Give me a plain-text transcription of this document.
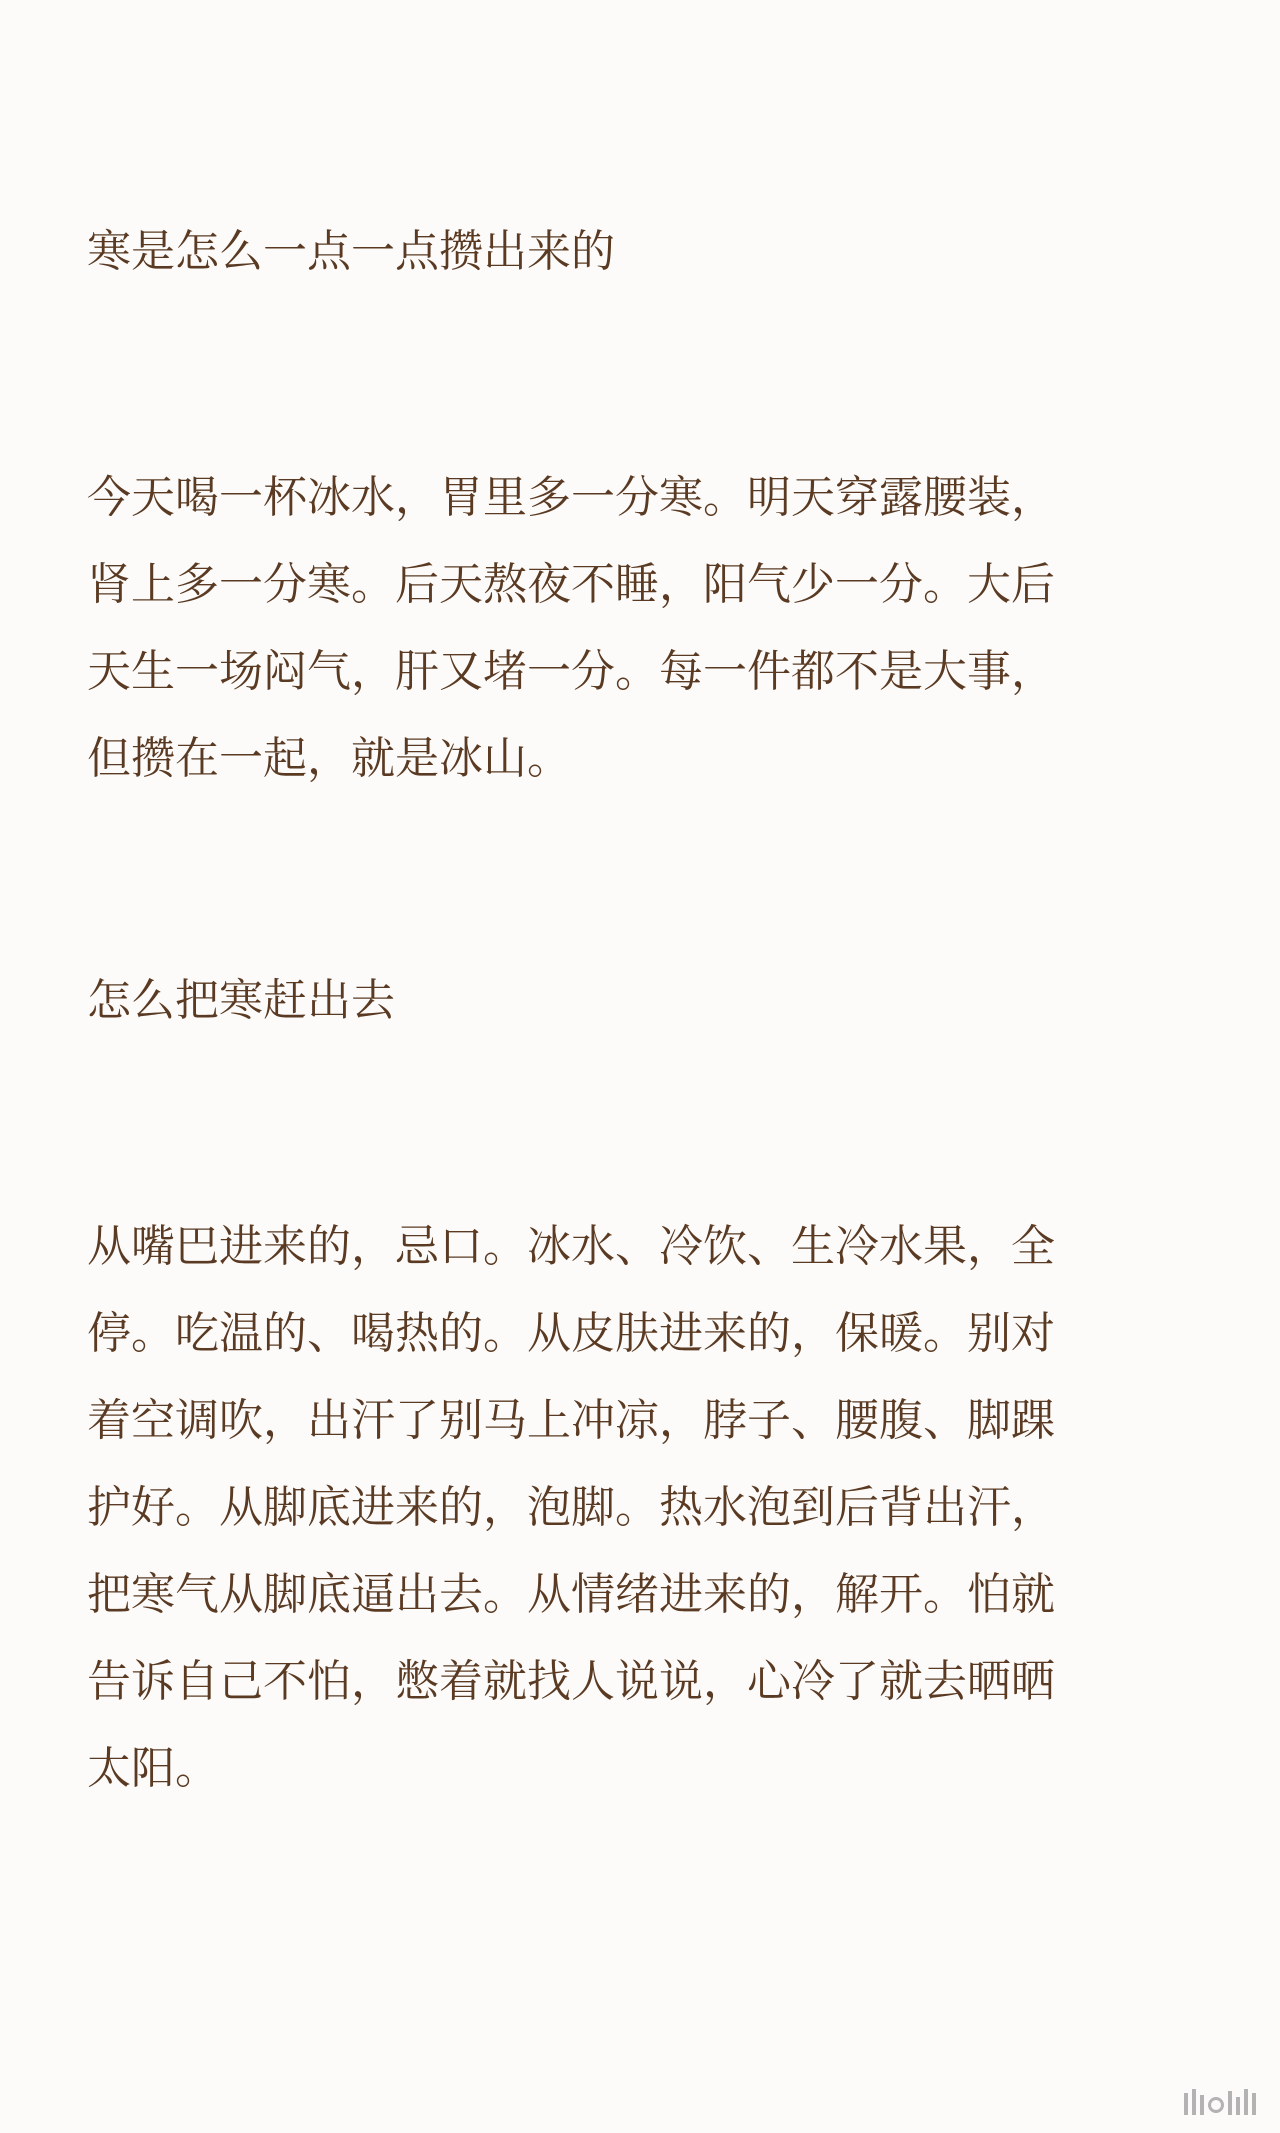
寒是怎么一点一点攒出来的

今天喝一杯冰水，胃里多一分寒。明天穿露腰装，
肾上多一分寒。后天熬夜不睡，阳气少一分。大后
天生一场闷气，肝又堵一分。每一件都不是大事，
但攒在一起，就是冰山。

怎么把寒赶出去

从嘴巴进来的，忌口。冰水、冷饮、生冷水果，全
停。吃温的、喝热的。从皮肤进来的，保暖。别对
着空调吹，出汗了别马上冲凉，脖子、腰腹、脚踝
护好。从脚底进来的，泡脚。热水泡到后背出汗，
把寒气从脚底逼出去。从情绪进来的，解开。怕就
告诉自己不怕，憋着就找人说说，心冷了就去晒晒
太阳。
